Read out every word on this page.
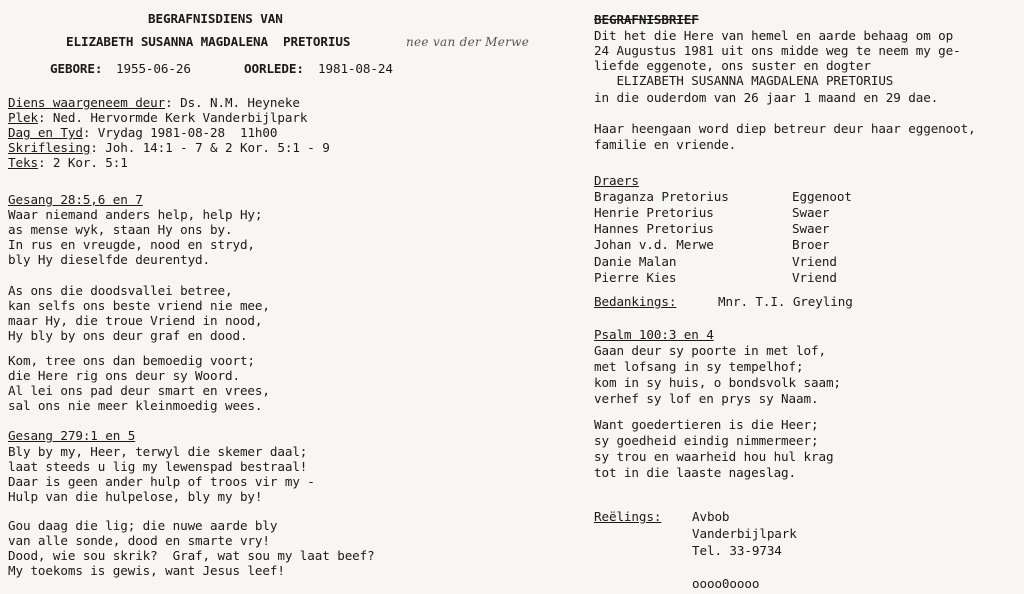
BEGRAFNISDIENS VAN
ELIZABETH SUSANNA MAGDALENA  PRETORIUS	nee van der Merwe
GEBORE: 1955-06-26	OORLEDE: 1981-08-24
Diens waargeneem deur: Ds. N.M. Heyneke
Plek: Ned. Hervormde Kerk Vanderbijlpark
Dag en Tyd: Vrydag 1981-08-28  11h00
Skriflesing: Joh. 14:1 - 7 & 2 Kor. 5:1 - 9
Teks: 2 Kor. 5:1
Gesang 28:5,6 en 7
Waar niemand anders help, help Hy;
as mense wyk, staan Hy ons by.
In rus en vreugde, nood en stryd,
bly Hy dieselfde deurentyd.
As ons die doodsvallei betree,
kan selfs ons beste vriend nie mee,
maar Hy, die troue Vriend in nood,
Hy bly by ons deur graf en dood.
Kom, tree ons dan bemoedig voort;
die Here rig ons deur sy Woord.
Al lei ons pad deur smart en vrees,
sal ons nie meer kleinmoedig wees.
Gesang 279:1 en 5
Bly by my, Heer, terwyl die skemer daal;
laat steeds u lig my lewenspad bestraal!
Daar is geen ander hulp of troos vir my -
Hulp van die hulpelose, bly my by!
Gou daag die lig; die nuwe aarde bly
van alle sonde, dood en smarte vry!
Dood, wie sou skrik?  Graf, wat sou my laat beef?
My toekoms is gewis, want Jesus leef!
BEGRAFNISBRIEF
Dit het die Here van hemel en aarde behaag om op
24 Augustus 1981 uit ons midde weg te neem my ge-
liefde eggenote, ons suster en dogter
ELIZABETH SUSANNA MAGDALENA PRETORIUS
in die ouderdom van 26 jaar 1 maand en 29 dae.
Haar heengaan word diep betreur deur haar eggenoot,
familie en vriende.
Draers
Braganza Pretorius	Eggenoot
Henrie Pretorius	Swaer
Hannes Pretorius	Swaer
Johan v.d. Merwe	Broer
Danie Malan	Vriend
Pierre Kies	Vriend
Bedankings:	Mnr. T.I. Greyling
Psalm 100:3 en 4
Gaan deur sy poorte in met lof,
met lofsang in sy tempelhof;
kom in sy huis, o bondsvolk saam;
verhef sy lof en prys sy Naam.
Want goedertieren is die Heer;
sy goedheid eindig nimmermeer;
sy trou en waarheid hou hul krag
tot in die laaste nageslag.
Reëlings: Avbob
Vanderbijlpark
Tel. 33-9734
oooo0oooo
